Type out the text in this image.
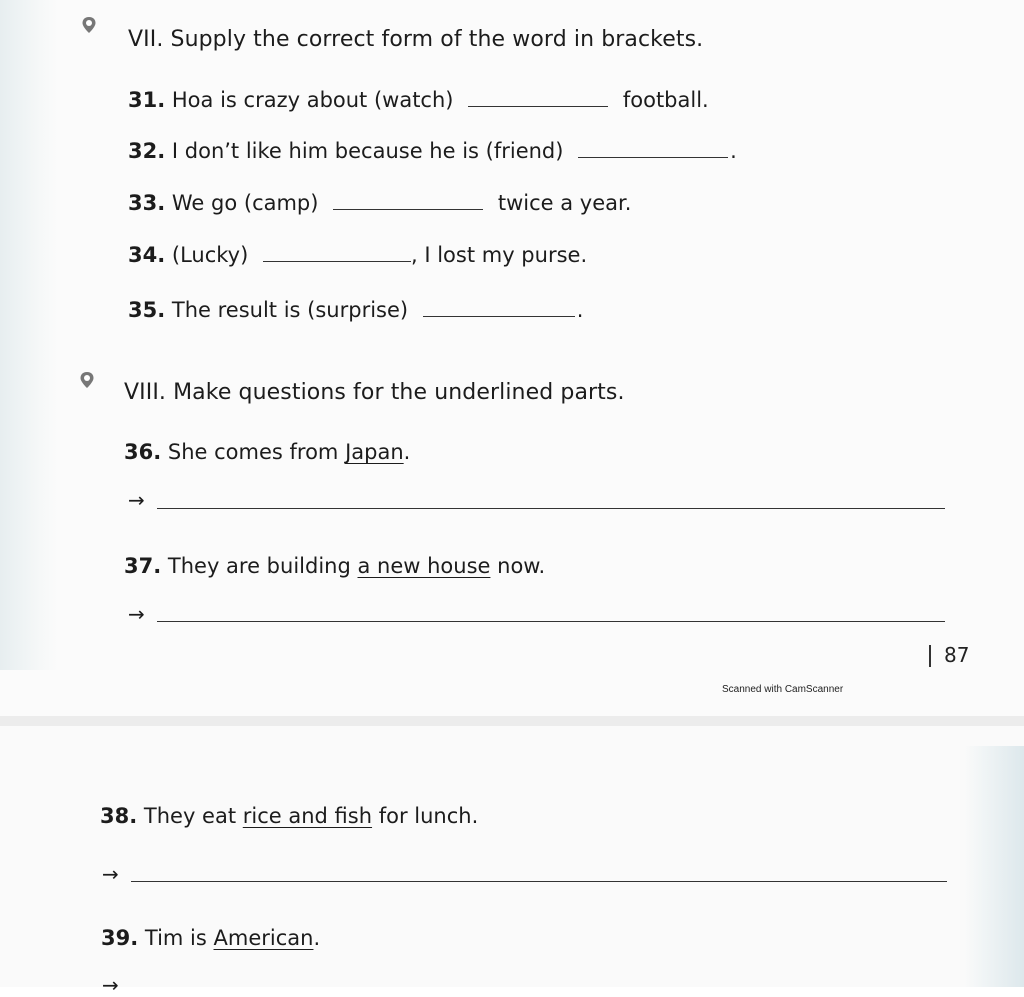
VII. Supply the correct form of the word in brackets.
31. Hoa is crazy about (watch)	football.
32. I don’t like him because he is (friend)	.
33. We go (camp)	twice a year.
34. (Lucky)	, I lost my purse.
35. The result is (surprise)	.
VIII. Make questions for the underlined parts.
36. She comes from Japan.
→
37. They are building a new house now.
→
87
Scanned with CamScanner
38. They eat rice and fish for lunch.
→
39. Tim is American.
→
